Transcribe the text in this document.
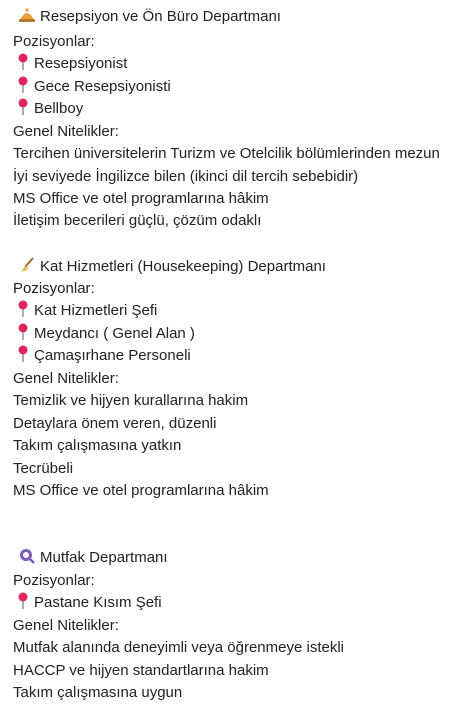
Resepsiyon ve Ön Büro Departmanı
Pozisyonlar:
Resepsiyonist
Gece Resepsiyonisti
Bellboy
Genel Nitelikler:
Tercihen üniversitelerin Turizm ve Otelcilik bölümlerinden mezun
İyi seviyede İngilizce bilen (ikinci dil tercih sebebidir)
MS Office ve otel programlarına hâkim
İletişim becerileri güçlü, çözüm odaklı
Kat Hizmetleri (Housekeeping) Departmanı
Pozisyonlar:
Kat Hizmetleri Şefi
Meydancı ( Genel Alan )
Çamaşırhane Personeli
Genel Nitelikler:
Temizlik ve hijyen kurallarına hakim
Detaylara önem veren, düzenli
Takım çalışmasına yatkın
Tecrübeli
MS Office ve otel programlarına hâkim
Mutfak Departmanı
Pozisyonlar:
Pastane Kısım Şefi
Genel Nitelikler:
Mutfak alanında deneyimli veya öğrenmeye istekli
HACCP ve hijyen standartlarına hakim
Takım çalışmasına uygun
